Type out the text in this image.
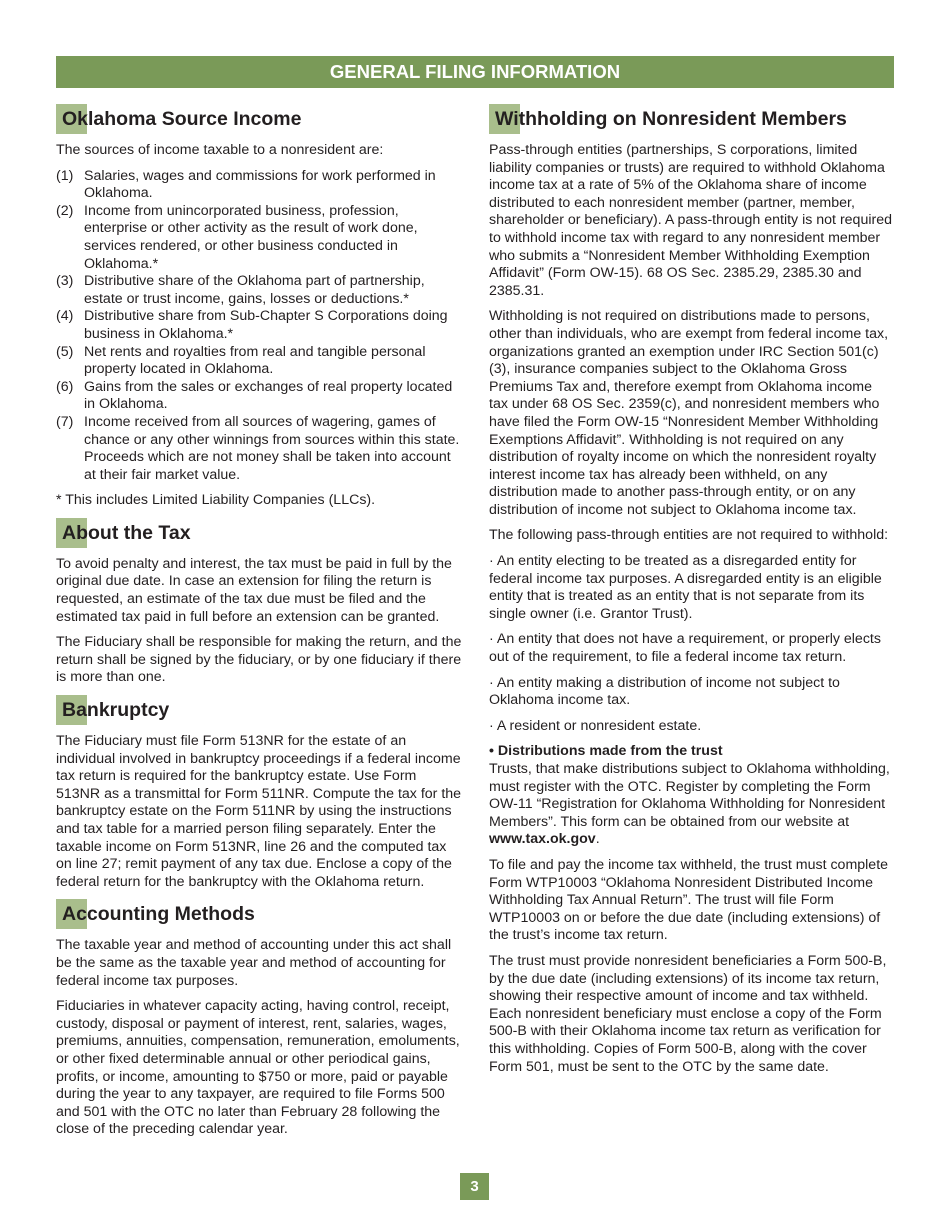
GENERAL FILING INFORMATION
Oklahoma Source Income

The sources of income taxable to a nonresident are:

(1) Salaries, wages and commissions for work performed in Oklahoma.
(2) Income from unincorporated business, profession, enterprise or other activity as the result of work done, services rendered, or other business conducted in Oklahoma.*
(3) Distributive share of the Oklahoma part of partnership, estate or trust income, gains, losses or deductions.*
(4) Distributive share from Sub-Chapter S Corporations doing business in Oklahoma.*
(5) Net rents and royalties from real and tangible personal property located in Oklahoma.
(6) Gains from the sales or exchanges of real property located in Oklahoma.
(7) Income received from all sources of wagering, games of chance or any other winnings from sources within this state. Proceeds which are not money shall be taken into account at their fair market value.

* This includes Limited Liability Companies (LLCs).

About the Tax

To avoid penalty and interest, the tax must be paid in full by the original due date. In case an extension for filing the return is requested, an estimate of the tax due must be filed and the estimated tax paid in full before an extension can be granted.

The Fiduciary shall be responsible for making the return, and the return shall be signed by the fiduciary, or by one fiduciary if there is more than one.

Bankruptcy

The Fiduciary must file Form 513NR for the estate of an individual involved in bankruptcy proceedings if a federal income tax return is required for the bankruptcy estate. Use Form 513NR as a transmittal for Form 511NR. Compute the tax for the bankruptcy estate on the Form 511NR by using the instructions and tax table for a married person filing separately. Enter the taxable income on Form 513NR, line 26 and the computed tax on line 27; remit payment of any tax due. Enclose a copy of the federal return for the bankruptcy with the Oklahoma return.

Accounting Methods

The taxable year and method of accounting under this act shall be the same as the taxable year and method of accounting for federal income tax purposes.

Fiduciaries in whatever capacity acting, having control, receipt, custody, disposal or payment of interest, rent, salaries, wages, premiums, annuities, compensation, remuneration, emoluments, or other fixed determinable annual or other periodical gains, profits, or income, amounting to $750 or more, paid or payable during the year to any taxpayer, are required to file Forms 500 and 501 with the OTC no later than February 28 following the close of the preceding calendar year.

Withholding on Nonresident Members

Pass-through entities (partnerships, S corporations, limited liability companies or trusts) are required to withhold Oklahoma income tax at a rate of 5% of the Oklahoma share of income distributed to each nonresident member (partner, member, shareholder or beneficiary). A pass-through entity is not required to withhold income tax with regard to any nonresident member who submits a “Nonresident Member Withholding Exemption Affidavit” (Form OW-15). 68 OS Sec. 2385.29, 2385.30 and 2385.31.

Withholding is not required on distributions made to persons, other than individuals, who are exempt from federal income tax, organizations granted an exemption under IRC Section 501(c)(3), insurance companies subject to the Oklahoma Gross Premiums Tax and, therefore exempt from Oklahoma income tax under 68 OS Sec. 2359(c), and nonresident members who have filed the Form OW-15 “Nonresident Member Withholding Exemptions Affidavit”. Withholding is not required on any distribution of royalty income on which the nonresident royalty interest income tax has already been withheld, on any distribution made to another pass-through entity, or on any distribution of income not subject to Oklahoma income tax.

The following pass-through entities are not required to withhold:

· An entity electing to be treated as a disregarded entity for federal income tax purposes. A disregarded entity is an eligible entity that is treated as an entity that is not separate from its single owner (i.e. Grantor Trust).

· An entity that does not have a requirement, or properly elects out of the requirement, to file a federal income tax return.

· An entity making a distribution of income not subject to Oklahoma income tax.

· A resident or nonresident estate.

• Distributions made from the trust

Trusts, that make distributions subject to Oklahoma withholding, must register with the OTC. Register by completing the Form OW-11 “Registration for Oklahoma Withholding for Nonresident Members”. This form can be obtained from our website at www.tax.ok.gov.

To file and pay the income tax withheld, the trust must complete Form WTP10003 “Oklahoma Nonresident Distributed Income Withholding Tax Annual Return”. The trust will file Form WTP10003 on or before the due date (including extensions) of the trust’s income tax return.

The trust must provide nonresident beneficiaries a Form 500-B, by the due date (including extensions) of its income tax return, showing their respective amount of income and tax withheld. Each nonresident beneficiary must enclose a copy of the Form 500-B with their Oklahoma income tax return as verification for this withholding. Copies of Form 500-B, along with the cover Form 501, must be sent to the OTC by the same date.

3
